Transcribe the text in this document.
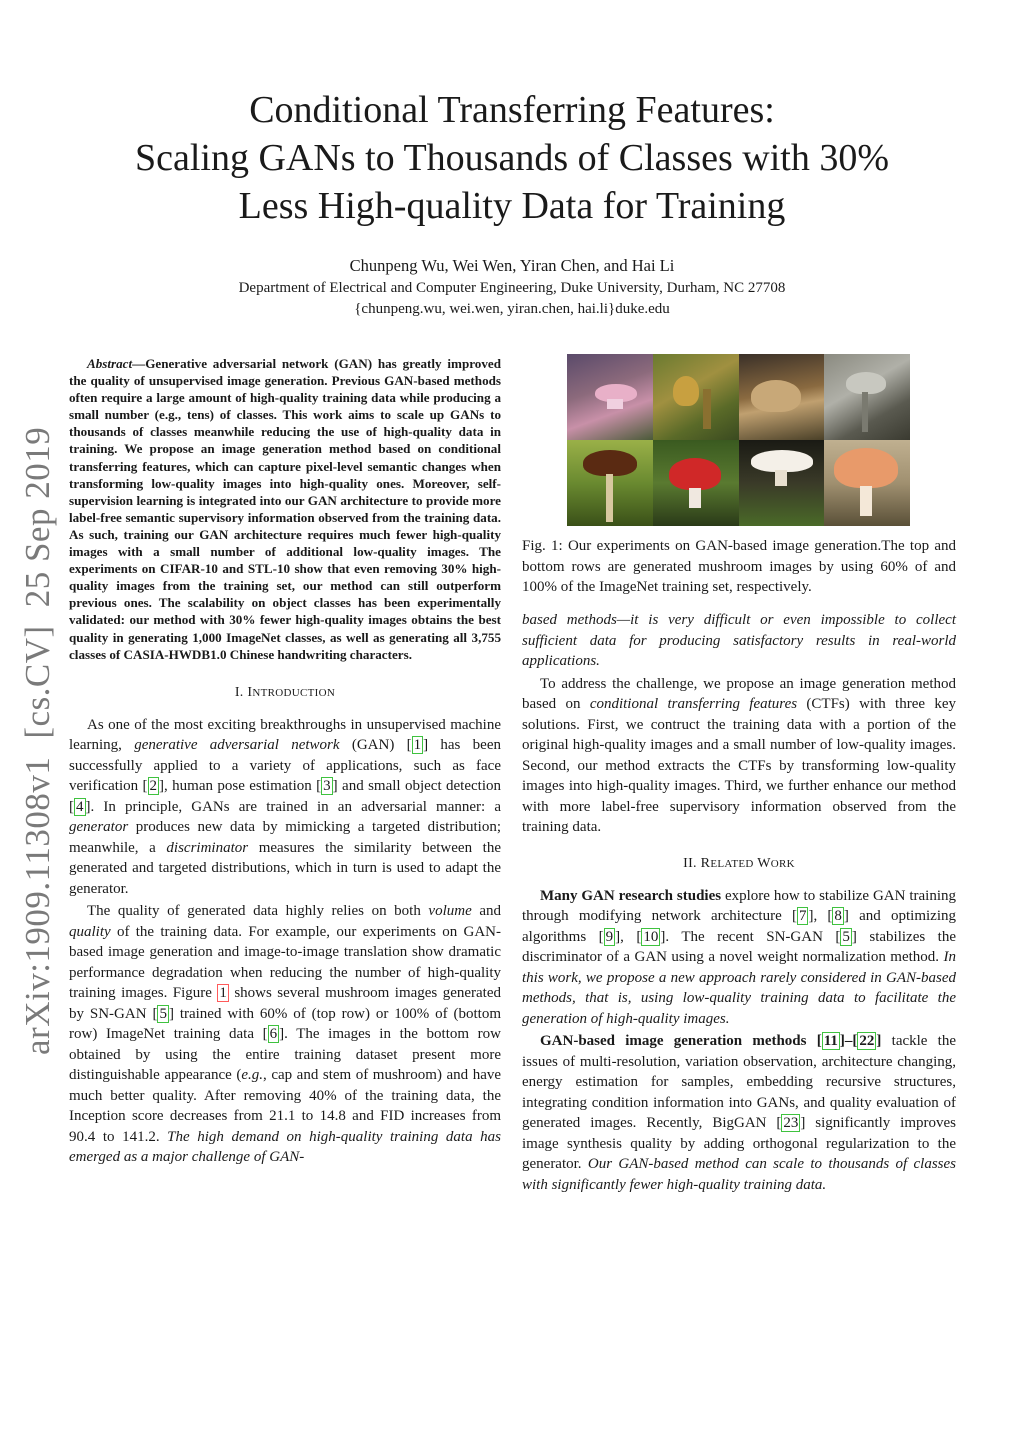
Conditional Transferring Features:
Scaling GANs to Thousands of Classes with 30%
Less High-quality Data for Training
Chunpeng Wu, Wei Wen, Yiran Chen, and Hai Li
Department of Electrical and Computer Engineering, Duke University, Durham, NC 27708
{chunpeng.wu, wei.wen, yiran.chen, hai.li}duke.edu
arXiv:1909.11308v1[cs.CV]25 Sep 2019

Abstract—Generative adversarial network (GAN) has greatly improved the quality of unsupervised image generation. Previous GAN-based methods often require a large amount of high-quality training data while producing a small number (e.g., tens) of classes. This work aims to scale up GANs to thousands of classes meanwhile reducing the use of high-quality data in training. We propose an image generation method based on conditional transferring features, which can capture pixel-level semantic changes when transforming low-quality images into high-quality ones. Moreover, self-supervision learning is integrated into our GAN architecture to provide more label-free semantic supervisory information observed from the training data. As such, training our GAN architecture requires much fewer high-quality images with a small number of additional low-quality images. The experiments on CIFAR-10 and STL-10 show that even removing 30% high-quality images from the training set, our method can still outperform previous ones. The scalability on object classes has been experimentally validated: our method with 30% fewer high-quality images obtains the best quality in generating 1,000 ImageNet classes, as well as generating all 3,755 classes of CASIA-HWDB1.0 Chinese handwriting characters.

I. INTRODUCTION

As one of the most exciting breakthroughs in unsupervised machine learning, generative adversarial network (GAN) [ 1 ] has been successfully applied to a variety of applications, such as face verification [ 2 ], human pose estimation [ 3 ] and small object detection [ 4 ]. In principle, GANs are trained in an adversarial manner: a generator produces new data by mimicking a targeted distribution; meanwhile, a discriminator measures the similarity between the generated and targeted distributions, which in turn is used to adapt the generator.

The quality of generated data highly relies on both volume and quality of the training data. For example, our experiments on GAN-based image generation and image-to-image translation show dramatic performance degradation when reducing the number of high-quality training images. Figure 1 shows several mushroom images generated by SN-GAN [ 5 ] trained with 60% of (top row) or 100% of (bottom row) ImageNet training data [ 6 ]. The images in the bottom row obtained by using the entire training dataset present more distinguishable appearance (e.g., cap and stem of mushroom) and have much better quality. After removing 40% of the training data, the Inception score decreases from 21.1 to 14.8 and FID increases from 90.4 to 141.2. The high demand on high-quality training data has emerged as a major challenge of GAN-

Fig. 1: Our experiments on GAN-based image generation.The top and bottom rows are generated mushroom images by using 60% of and 100% of the ImageNet training set, respectively.

based methods—it is very difficult or even impossible to collect sufficient data for producing satisfactory results in real-world applications.

To address the challenge, we propose an image generation method based on conditional transferring features (CTFs) with three key solutions. First, we contruct the training data with a portion of the original high-quality images and a small number of low-quality images. Second, our method extracts the CTFs by transforming low-quality images into high-quality images. Third, we further enhance our method with more label-free supervisory information observed from the training data.

II. RELATED WORK

Many GAN research studies explore how to stabilize GAN training through modifying network architecture [ 7 ], [ 8 ] and optimizing algorithms [ 9 ], [ 10 ]. The recent SN-GAN [ 5 ] stabilizes the discriminator of a GAN using a novel weight normalization method. In this work, we propose a new approach rarely considered in GAN-based methods, that is, using low-quality training data to facilitate the generation of high-quality images.

GAN-based image generation methods [ 11 ]–[ 22 ] tackle the issues of multi-resolution, variation observation, architecture changing, energy estimation for samples, embedding recursive structures, integrating condition information into GANs, and quality evaluation of generated images. Recently, BigGAN [ 23 ] significantly improves image synthesis quality by adding orthogonal regularization to the generator. Our GAN-based method can scale to thousands of classes with significantly fewer high-quality training data.
